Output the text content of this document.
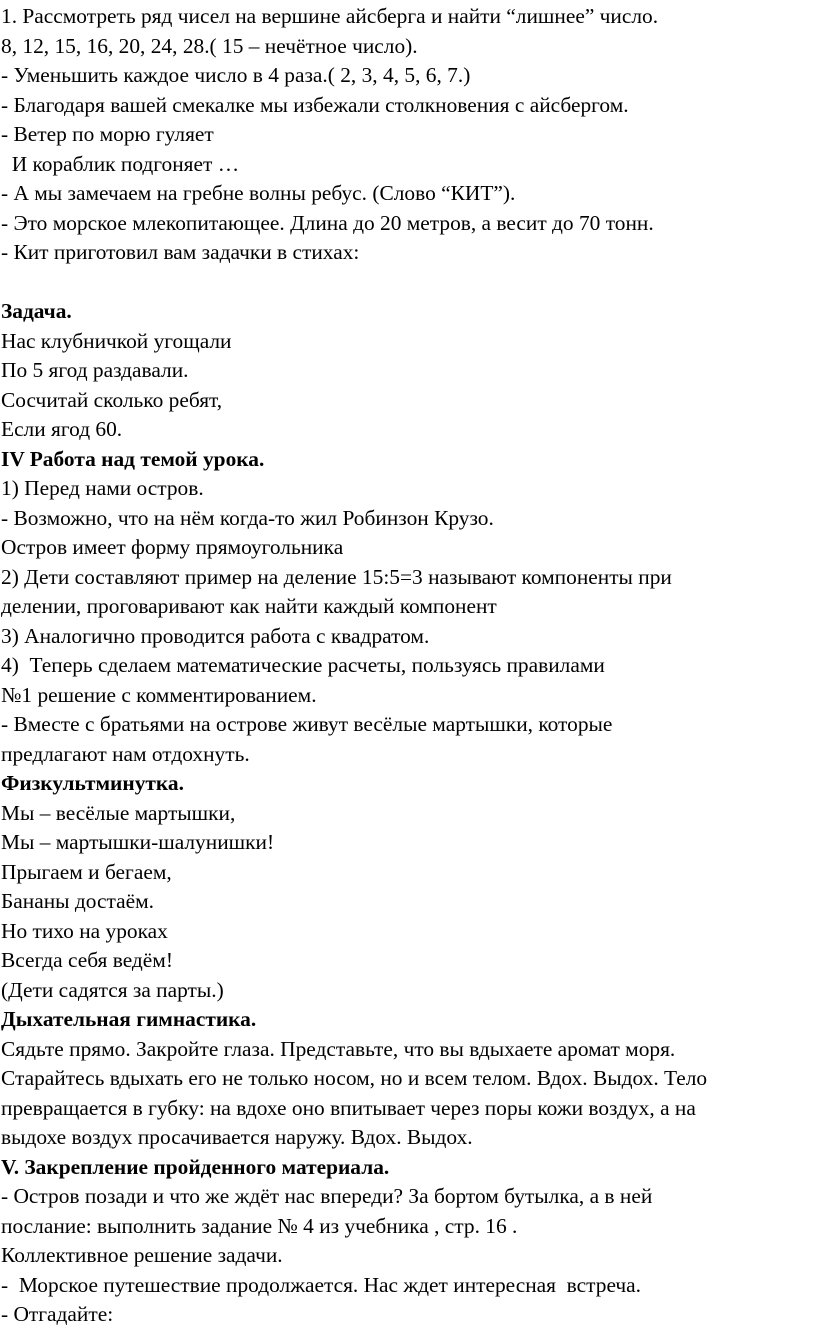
1. Рассмотреть ряд чисел на вершине айсберга и найти “лишнее” число.
8, 12, 15, 16, 20, 24, 28.( 15 – нечётное число).
- Уменьшить каждое число в 4 раза.( 2, 3, 4, 5, 6, 7.)
- Благодаря вашей смекалке мы избежали столкновения с айсбергом.
- Ветер по морю гуляет
И кораблик подгоняет …
- А мы замечаем на гребне волны ребус. (Слово “КИТ”).
- Это морское млекопитающее. Длина до 20 метров, а весит до 70 тонн.
- Кит приготовил вам задачки в стихах:
Задача.
Нас клубничкой угощали
По 5 ягод раздавали.
Сосчитай сколько ребят,
Если ягод 60.
IV Работа над темой урока.
1) Перед нами остров.
- Возможно, что на нём когда-то жил Робинзон Крузо.
Остров имеет форму прямоугольника
2) Дети составляют пример на деление 15:5=3 называют компоненты при
делении, проговаривают как найти каждый компонент
3) Аналогично проводится работа с квадратом.
4)  Теперь сделаем математические расчеты, пользуясь правилами
№1 решение с комментированием.
- Вместе с братьями на острове живут весёлые мартышки, которые
предлагают нам отдохнуть.
Физкультминутка.
Мы – весёлые мартышки,
Мы – мартышки-шалунишки!
Прыгаем и бегаем,
Бананы достаём.
Но тихо на уроках
Всегда себя ведём!
(Дети садятся за парты.)
Дыхательная гимнастика.
Сядьте прямо. Закройте глаза. Представьте, что вы вдыхаете аромат моря.
Старайтесь вдыхать его не только носом, но и всем телом. Вдох. Выдох. Тело
превращается в губку: на вдохе оно впитывает через поры кожи воздух, а на
выдохе воздух просачивается наружу. Вдох. Выдох.
V. Закрепление пройденного материала.
- Остров позади и что же ждёт нас впереди? За бортом бутылка, а в ней
послание: выполнить задание № 4 из учебника , стр. 16 .
Коллективное решение задачи.
-  Морское путешествие продолжается. Нас ждет интересная  встреча.
- Отгадайте:
